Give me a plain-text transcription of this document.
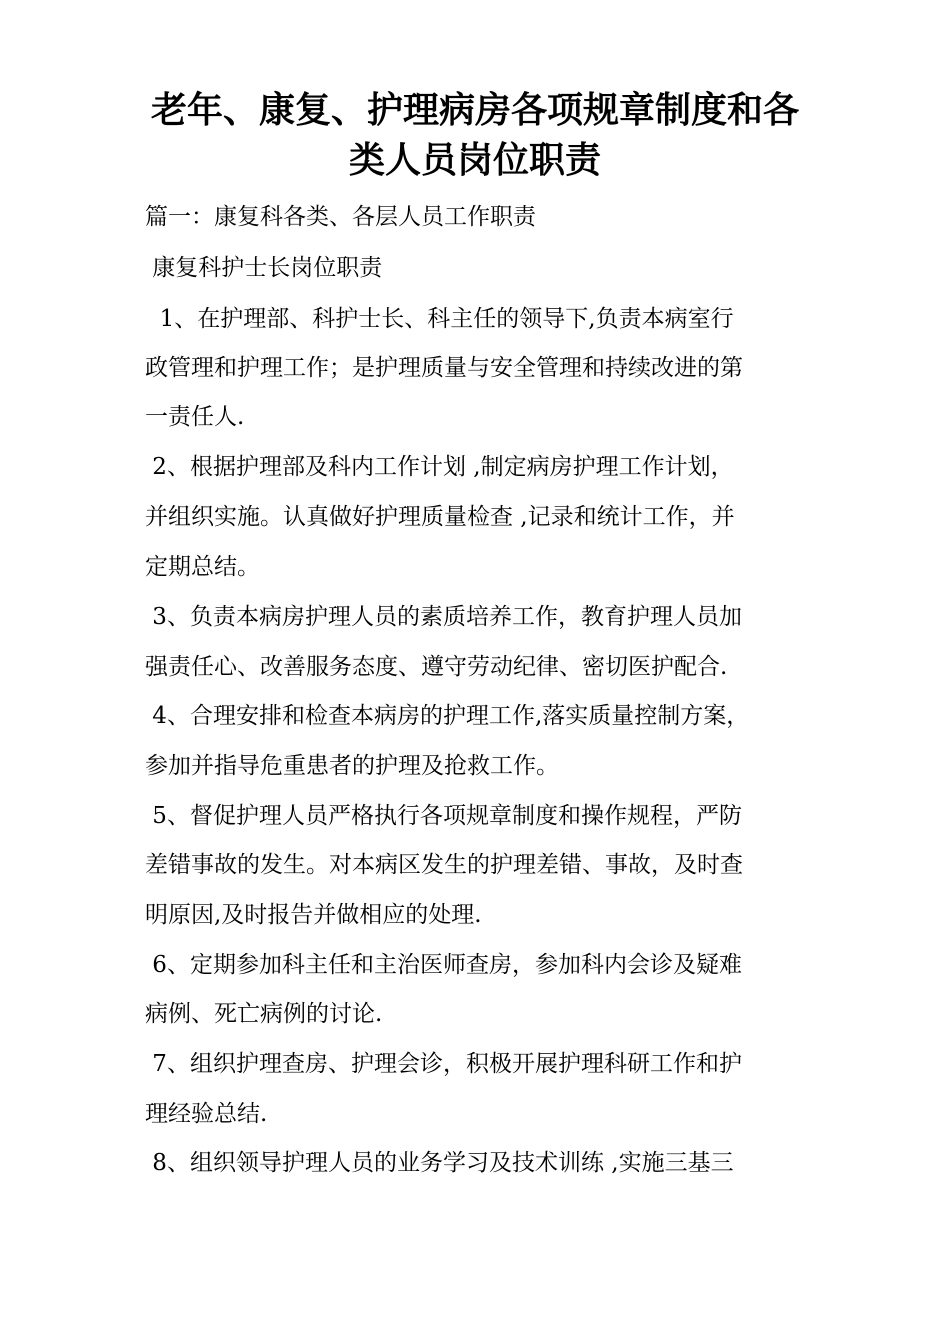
老年、康复、护理病房各项规章制度和各
类人员岗位职责

篇一：康复科各类、各层人员工作职责

康复科护士长岗位职责

1、在护理部、科护士长、科主任的领导下,负责本病室行

政管理和护理工作；是护理质量与安全管理和持续改进的第

一责任人.

2、根据护理部及科内工作计划 ,制定病房护理工作计划，

并组织实施。认真做好护理质量检查 ,记录和统计工作，并

定期总结。

3、负责本病房护理人员的素质培养工作，教育护理人员加

强责任心、改善服务态度、遵守劳动纪律、密切医护配合.

4、合理安排和检查本病房的护理工作,落实质量控制方案，

参加并指导危重患者的护理及抢救工作。

5、督促护理人员严格执行各项规章制度和操作规程，严防

差错事故的发生。对本病区发生的护理差错、事故，及时查

明原因,及时报告并做相应的处理.

6、定期参加科主任和主治医师查房，参加科内会诊及疑难

病例、死亡病例的讨论.

7、组织护理查房、护理会诊，积极开展护理科研工作和护

理经验总结.

8、组织领导护理人员的业务学习及技术训练 ,实施三基三
